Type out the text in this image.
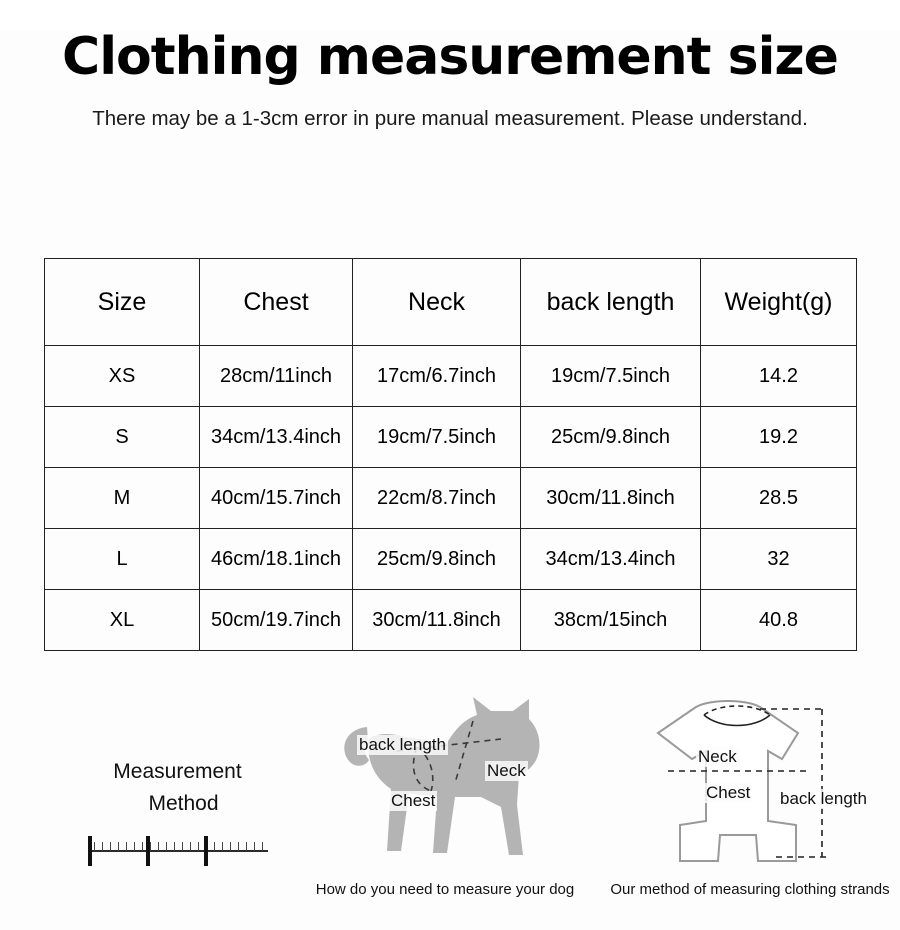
Clothing measurement size
There may be a 1-3cm error in pure manual measurement. Please understand.
Size	Chest	Neck	back length	Weight(g)
XS	28cm/11inch	17cm/6.7inch	19cm/7.5inch	14.2
S	34cm/13.4inch	19cm/7.5inch	25cm/9.8inch	19.2
M	40cm/15.7inch	22cm/8.7inch	30cm/11.8inch	28.5
L	46cm/18.1inch	25cm/9.8inch	34cm/13.4inch	32
XL	50cm/19.7inch	30cm/11.8inch	38cm/15inch	40.8
Measurement
Method
back length
Neck
Chest
How do you need to measure your dog
Neck
Chest back length
Our method of measuring clothing strands
